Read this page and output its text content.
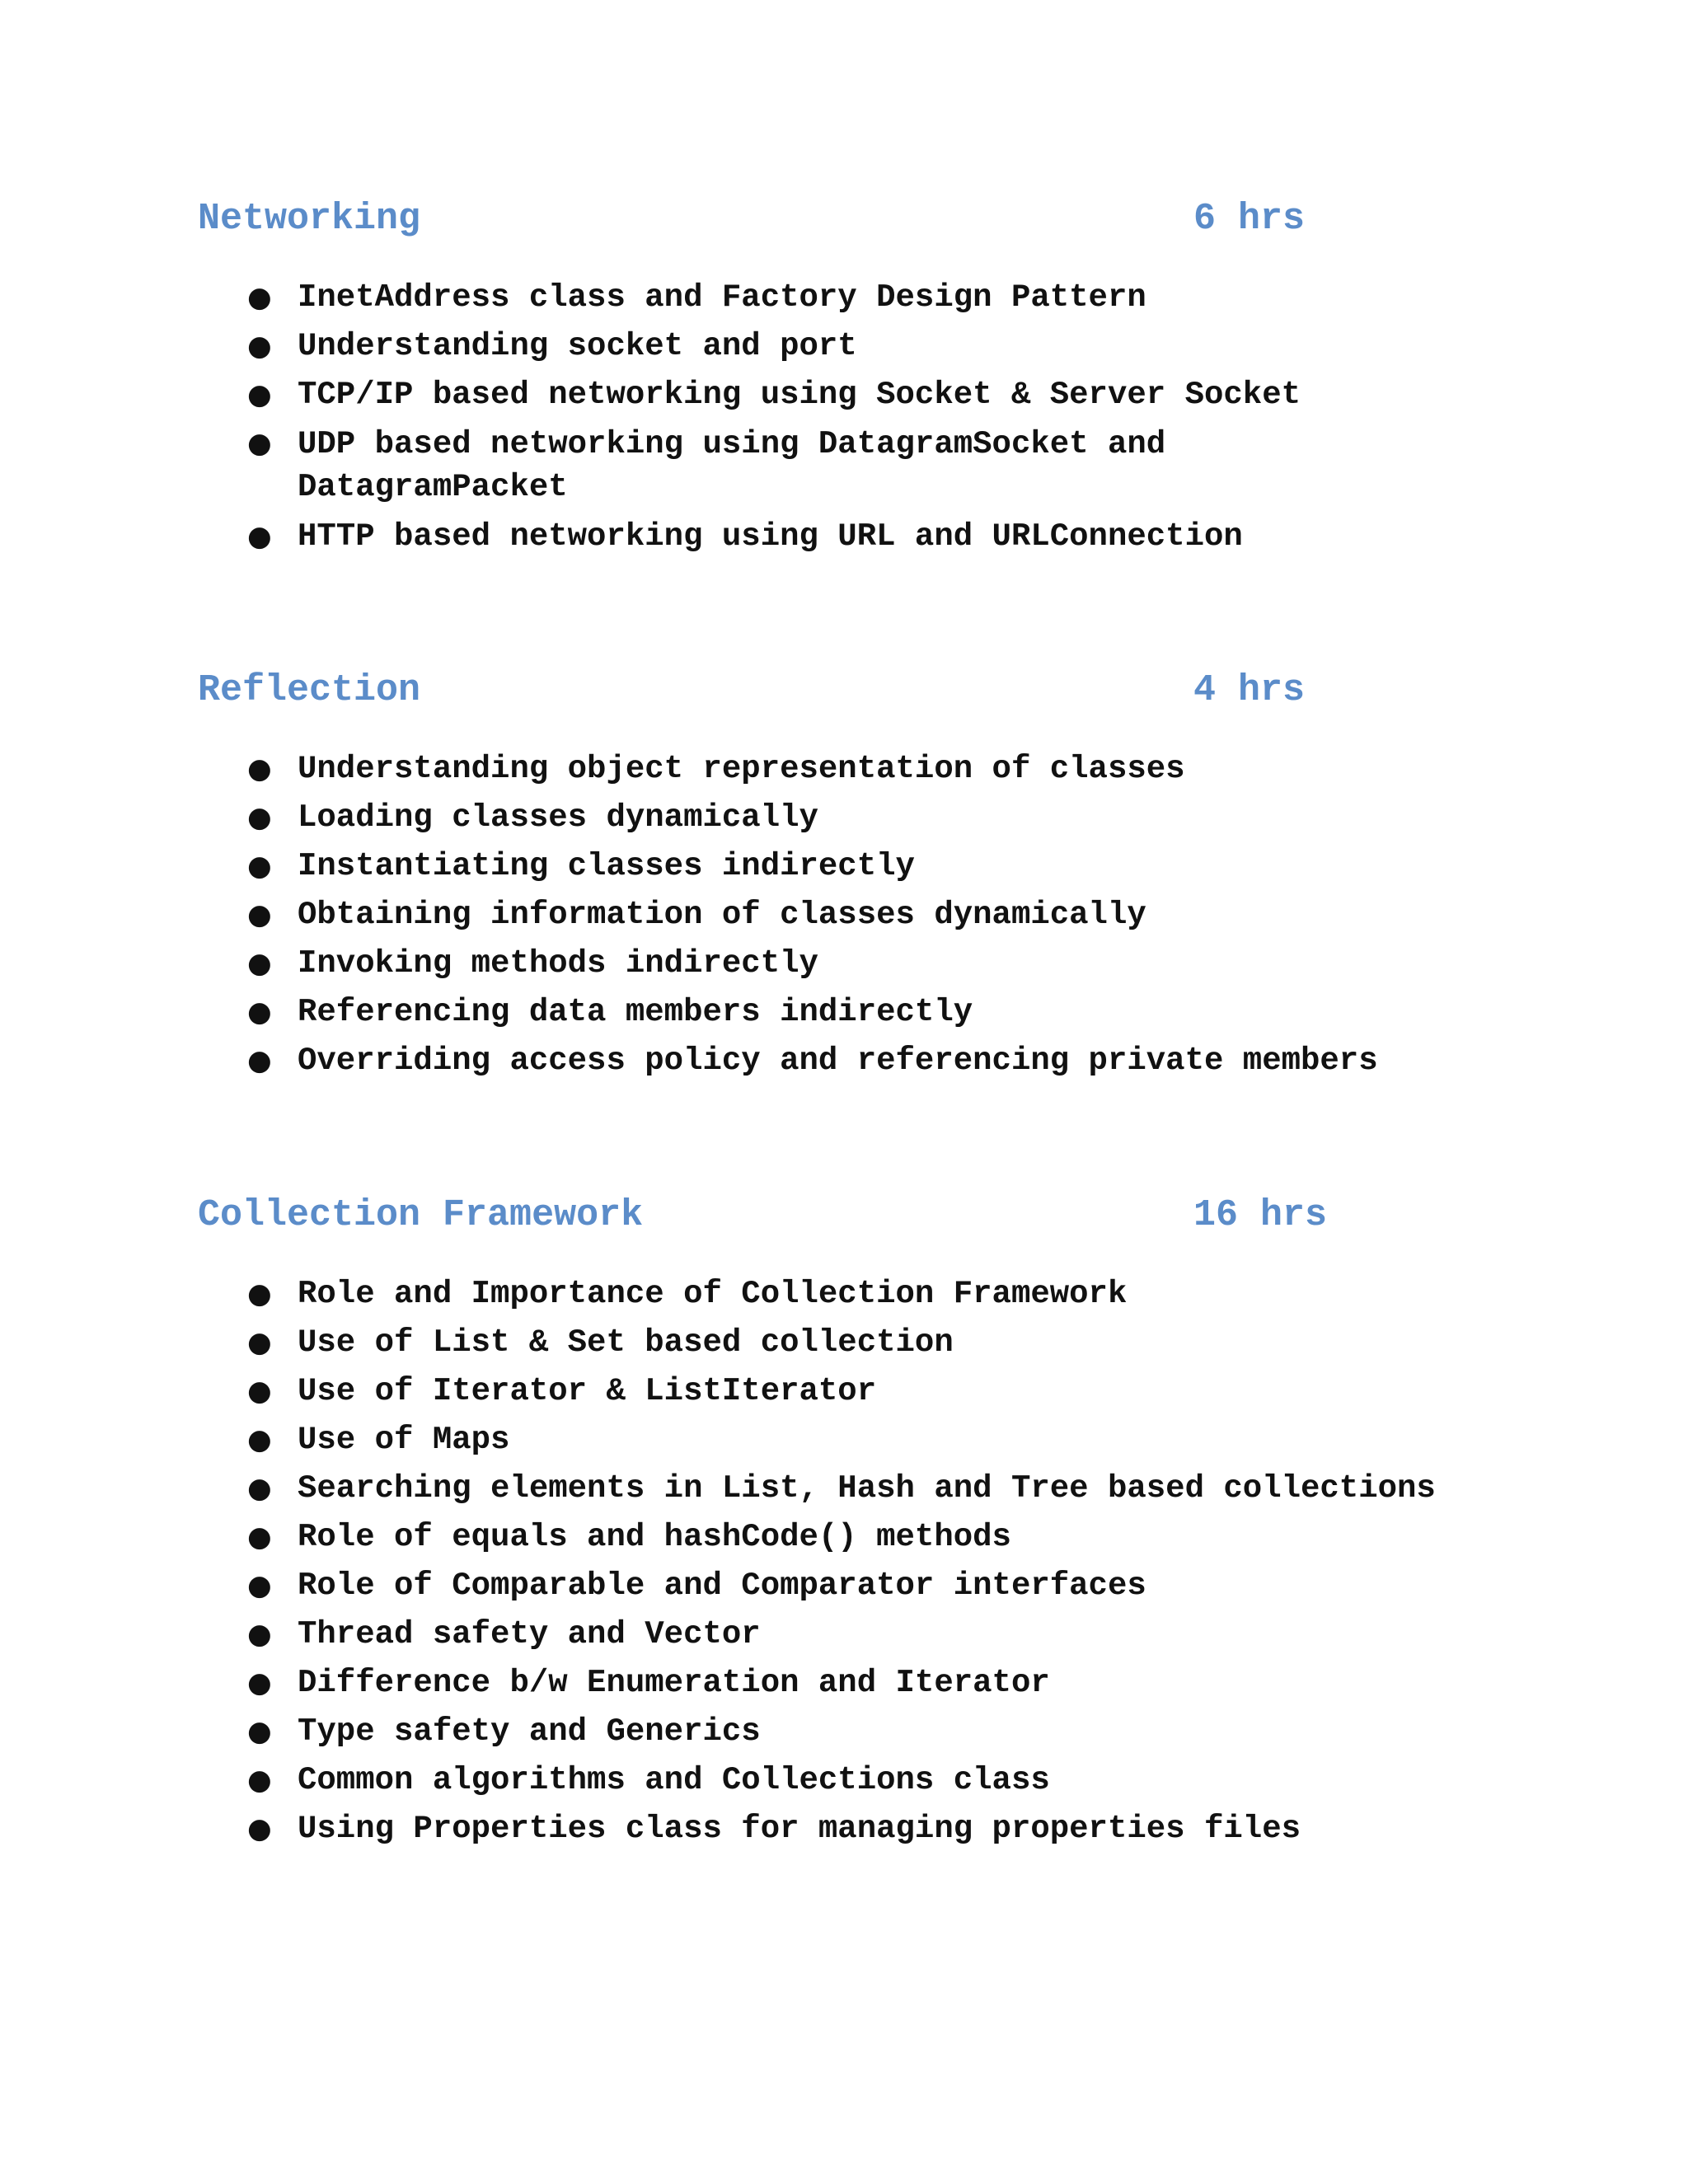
Networking	6 hrs
● InetAddress class and Factory Design Pattern
● Understanding socket and port
● TCP/IP based networking using Socket & Server Socket
● UDP based networking using DatagramSocket and DatagramPacket
● HTTP based networking using URL and URLConnection
Reflection	4 hrs
● Understanding object representation of classes
● Loading classes dynamically
● Instantiating classes indirectly
● Obtaining information of classes dynamically
● Invoking methods indirectly
● Referencing data members indirectly
● Overriding access policy and referencing private members
Collection Framework	16 hrs
● Role and Importance of Collection Framework
● Use of List & Set based collection
● Use of Iterator & ListIterator
● Use of Maps
● Searching elements in List, Hash and Tree based collections
● Role of equals and hashCode() methods
● Role of Comparable and Comparator interfaces
● Thread safety and Vector
● Difference b/w Enumeration and Iterator
● Type safety and Generics
● Common algorithms and Collections class
● Using Properties class for managing properties files
